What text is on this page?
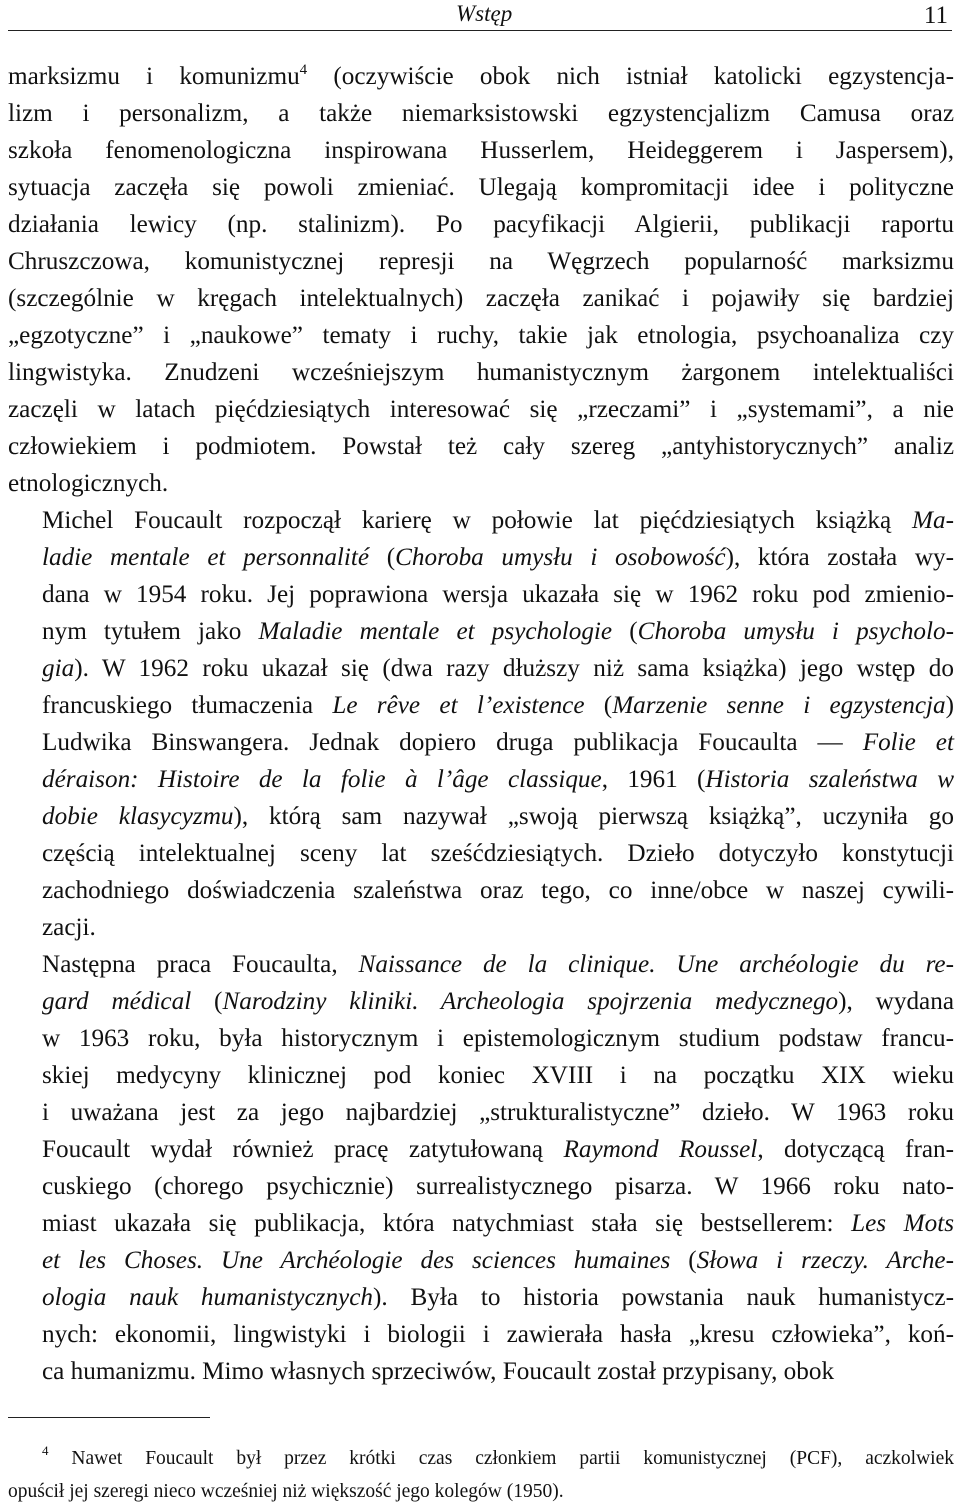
Wstęp	11

marksizmu i komunizmu$^4$ (oczywiście obok nich istniał katolicki egzystencja-
lizm i personalizm, a także niemarksistowski egzystencjalizm Camusa oraz
szkoła fenomenologiczna inspirowana Husserlem, Heideggerem i Jaspersem),
sytuacja zaczęła się powoli zmieniać. Ulegają kompromitacji idee i polityczne
działania lewicy (np. stalinizm). Po pacyfikacji Algierii, publikacji raportu
Chruszczowa, komunistycznej represji na Węgrzech popularność marksizmu
(szczególnie w kręgach intelektualnych) zaczęła zanikać i pojawiły się bardziej
„egzotyczne” i „naukowe” tematy i ruchy, takie jak etnologia, psychoanaliza czy
lingwistyka. Znudzeni wcześniejszym humanistycznym żargonem intelektualiści
zaczęli w latach pięćdziesiątych interesować się „rzeczami” i „systemami”, a nie
człowiekiem i podmiotem. Powstał też cały szereg „antyhistorycznych” analiz
etnologicznych.

Michel Foucault rozpoczął karierę w połowie lat pięćdziesiątych książką Ma-
ladie mentale et personnalité (Choroba umysłu i osobowość), która została wy-
dana w 1954 roku. Jej poprawiona wersja ukazała się w 1962 roku pod zmienio-
nym tytułem jako Maladie mentale et psychologie (Choroba umysłu i psycholo-
gia). W 1962 roku ukazał się (dwa razy dłuższy niż sama książka) jego wstęp do
francuskiego tłumaczenia Le rêve et l’existence (Marzenie senne i egzystencja)
Ludwika Binswangera. Jednak dopiero druga publikacja Foucaulta — Folie et
déraison: Histoire de la folie à l’âge classique, 1961 (Historia szaleństwa w
dobie klasycyzmu), którą sam nazywał „swoją pierwszą książką”, uczyniła go
częścią intelektualnej sceny lat sześćdziesiątych. Dzieło dotyczyło konstytucji
zachodniego doświadczenia szaleństwa oraz tego, co inne/obce w naszej cywili-
zacji.

Następna praca Foucaulta, Naissance de la clinique. Une archéologie du re-
gard médical (Narodziny kliniki. Archeologia spojrzenia medycznego), wydana
w 1963 roku, była historycznym i epistemologicznym studium podstaw francu-
skiej medycyny klinicznej pod koniec XVIII i na początku XIX wieku
i uważana jest za jego najbardziej „strukturalistyczne” dzieło. W 1963 roku
Foucault wydał również pracę zatytułowaną Raymond Roussel, dotyczącą fran-
cuskiego (chorego psychicznie) surrealistycznego pisarza. W 1966 roku nato-
miast ukazała się publikacja, która natychmiast stała się bestsellerem: Les Mots
et les Choses. Une Archéologie des sciences humaines (Słowa i rzeczy. Arche-
ologia nauk humanistycznych). Była to historia powstania nauk humanistycz-
nych: ekonomii, lingwistyki i biologii i zawierała hasła „kresu człowieka”, koń-
ca humanizmu. Mimo własnych sprzeciwów, Foucault został przypisany, obok

$^4$ Nawet Foucault był przez krótki czas członkiem partii komunistycznej (PCF), aczkolwiek
opuścił jej szeregi nieco wcześniej niż większość jego kolegów (1950).
